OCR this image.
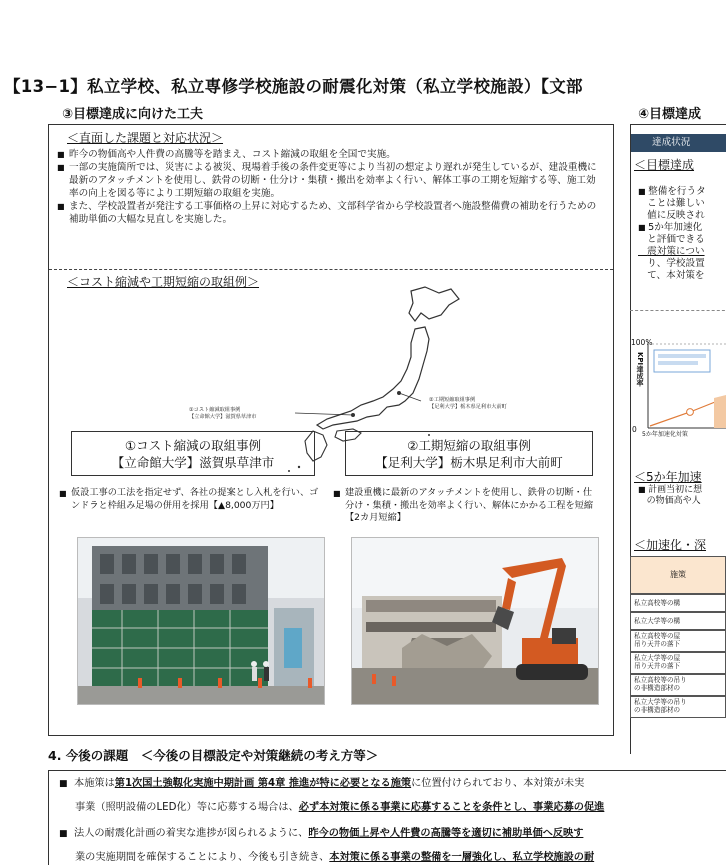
【13−1】私立学校、私立専修学校施設の耐震化対策（私立学校施設）【文部
③目標達成に向けた工夫
＜直面した課題と対応状況＞
■ 昨今の物価高や人件費の高騰等を踏まえ、コスト縮減の取組を全国で実施。
■ 一部の実施箇所では、災害による被災、現場着手後の条件変更等により当初の想定より遅れが発生しているが、建設重機に最新のアタッチメントを使用し、鉄骨の切断・仕分け・集積・搬出を効率よく行い、解体工事の工期を短縮する等、施工効率の向上を図る等により工期短縮の取組を実施。
■ また、学校設置者が発注する工事価格の上昇に対応するため、文部科学省から学校設置者へ施設整備費の補助を行うための補助単価の大幅な見直しを実施した。
＜コスト縮減や工期短縮の取組例＞
①コスト縮減取組事例
【立命館大学】滋賀県草津市
②工期短縮取組事例
【足利大学】栃木県足利市大前町
①コスト縮減の取組事例
【立命館大学】滋賀県草津市
②工期短縮の取組事例
【足利大学】栃木県足利市大前町
■ 仮設工事の工法を指定せず、各社の提案とし入札を行い、ゴンドラと枠組み足場の併用を採用【▲8,000万円】
■ 建設重機に最新のアタッチメントを使用し、鉄骨の切断・仕分け・集積・搬出を効率よく行い、解体にかかる工程を短縮【2カ月短縮】
④目標達成
達成状況
＜目標達成
■ 整備を行うタ
ことは難しい
値に反映され
■ 5か年加速化
と評価できる
震対策につい
り、学校設置
て、本対策を
100%
KPI達成率
0
5か年加速化対策
＜5か年加速
■ 計画当初に想
の物価高や人
＜加速化・深
施策
私立高校等の構
私立大学等の構
私立高校等の屋
吊り天井の落下
私立大学等の屋
吊り天井の落下
私立高校等の吊り
の非構造部材の
私立大学等の吊り
の非構造部材の
4. 今後の課題　＜今後の目標設定や対策継続の考え方等＞
■ 本施策は第1次国土強靱化実施中期計画 第4章 推進が特に必要となる施策に位置付けられており、本対策が未実
事業（照明設備のLED化）等に応募する場合は、必ず本対策に係る事業に応募することを条件とし、事業応募の促進
■ 法人の耐震化計画の着実な進捗が図られるように、昨今の物価上昇や人件費の高騰等を適切に補助単価へ反映す
業の実施期間を確保することにより、今後も引き続き、本対策に係る事業の整備を一層強化し、私立学校施設の耐
